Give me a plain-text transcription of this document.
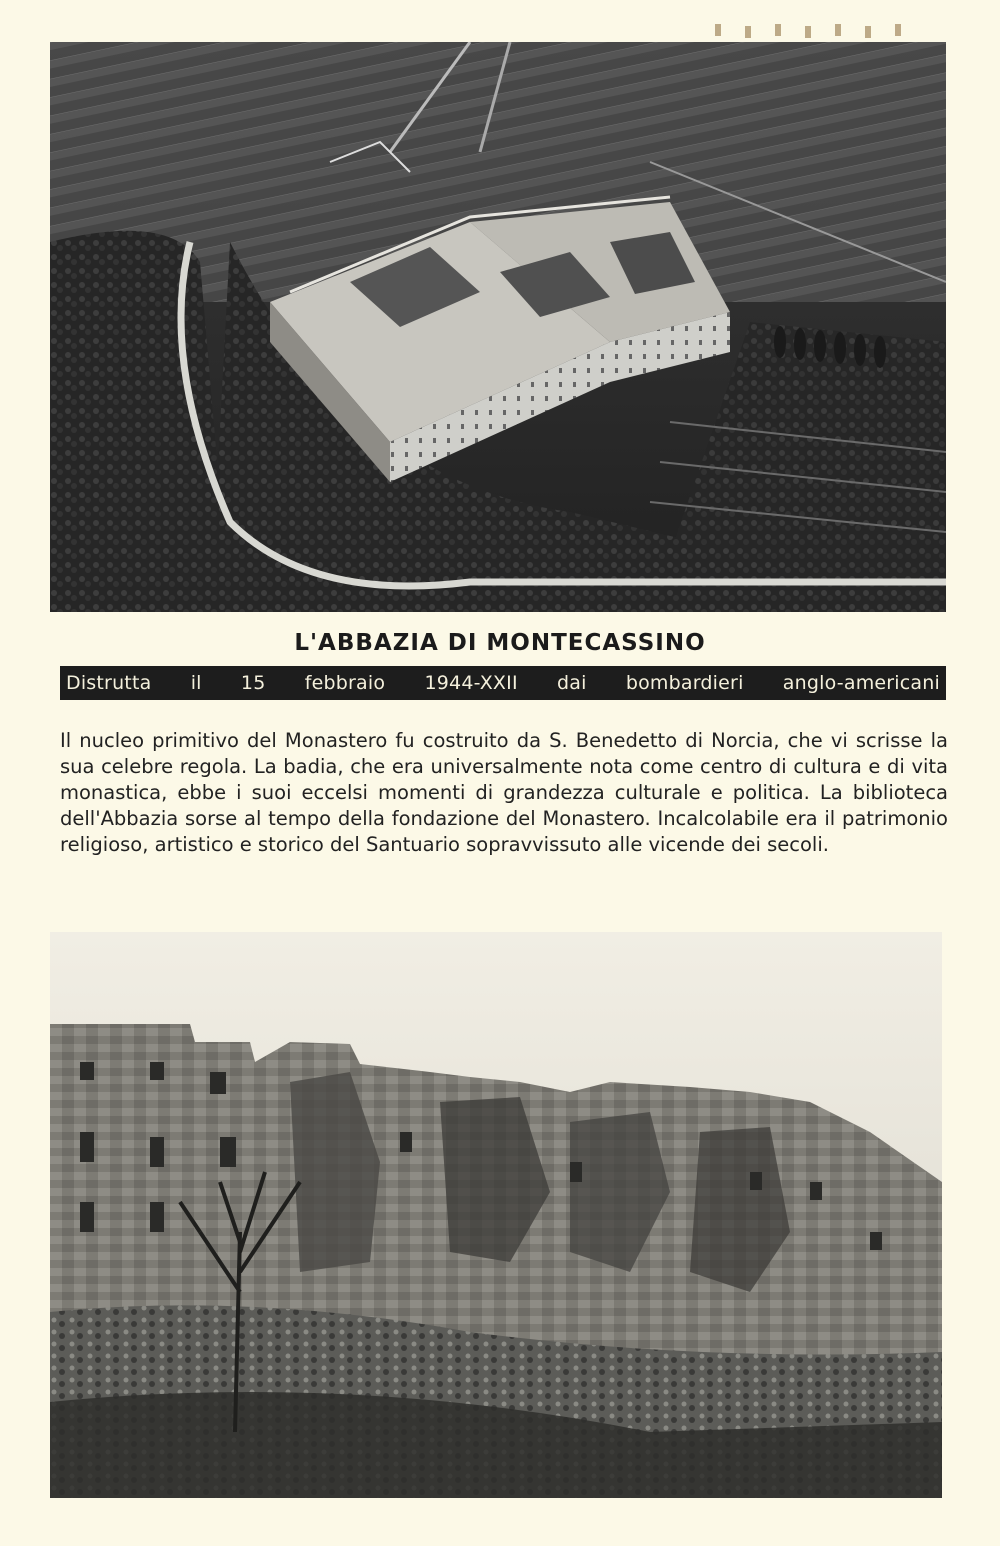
L'ABBAZIA DI MONTECASSINO
Distrutta il 15 febbraio 1944-XXII dai bombardieri anglo-americani
Il nucleo primitivo del Monastero fu costruito da S. Benedetto di Norcia, che vi scrisse la sua celebre regola. La badia, che era universalmente nota come centro di cultura e di vita monastica, ebbe i suoi eccelsi momenti di grandezza culturale e politica. La biblioteca dell'Abbazia sorse al tempo della fondazione del Monastero. Incalcolabile era il patrimonio religioso, artistico e storico del Santuario sopravvissuto alle vicende dei secoli.
